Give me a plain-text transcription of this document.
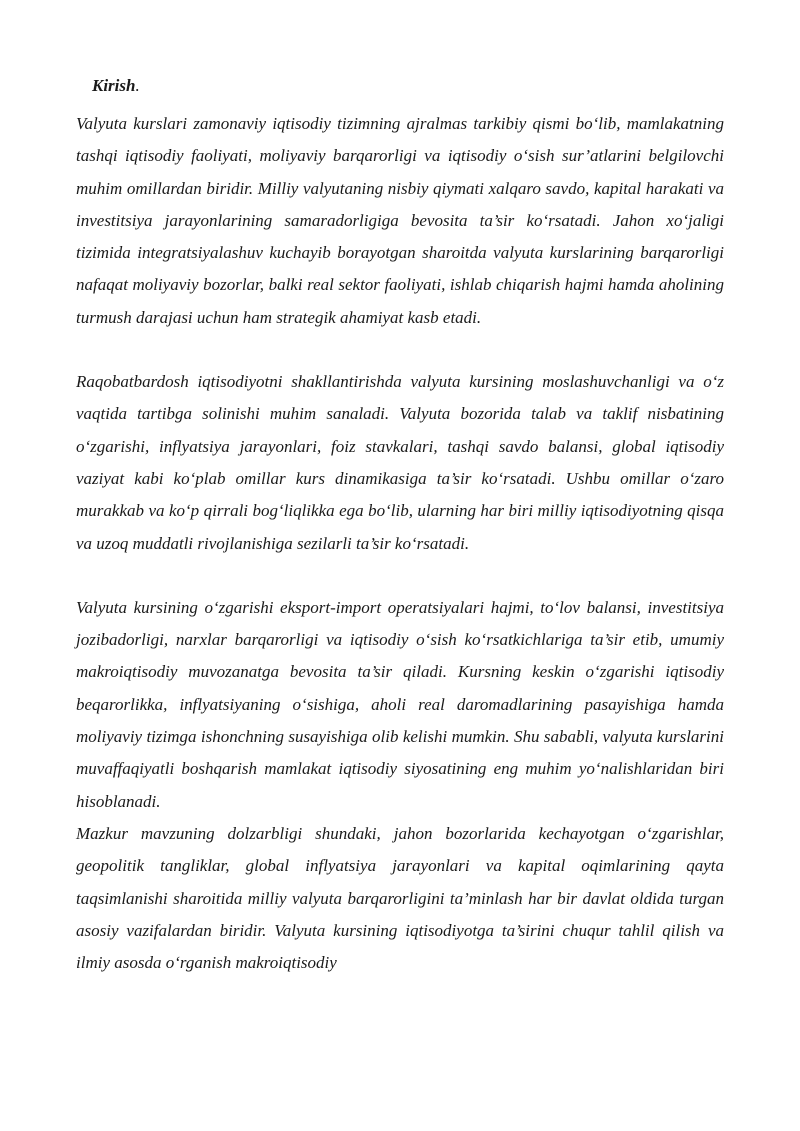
Kirish.

Valyuta kurslari zamonaviy iqtisodiy tizimning ajralmas tarkibiy qismi bo‘lib, mamlakatning tashqi iqtisodiy faoliyati, moliyaviy barqarorligi va iqtisodiy o‘sish sur’atlarini belgilovchi muhim omillardan biridir. Milliy valyutaning nisbiy qiymati xalqaro savdo, kapital harakati va investitsiya jarayonlarining samaradorligiga bevosita ta’sir ko‘rsatadi. Jahon xo‘jaligi tizimida integratsiyalashuv kuchayib borayotgan sharoitda valyuta kurslarining barqarorligi nafaqat moliyaviy bozorlar, balki real sektor faoliyati, ishlab chiqarish hajmi hamda aholining turmush darajasi uchun ham strategik ahamiyat kasb etadi.

Raqobatbardosh iqtisodiyotni shakllantirishda valyuta kursining moslashuvchanligi va o‘z vaqtida tartibga solinishi muhim sanaladi. Valyuta bozorida talab va taklif nisbatining o‘zgarishi, inflyatsiya jarayonlari, foiz stavkalari, tashqi savdo balansi, global iqtisodiy vaziyat kabi ko‘plab omillar kurs dinamikasiga ta’sir ko‘rsatadi. Ushbu omillar o‘zaro murakkab va ko‘p qirrali bog‘liqlikka ega bo‘lib, ularning har biri milliy iqtisodiyotning qisqa va uzoq muddatli rivojlanishiga sezilarli ta’sir ko‘rsatadi.

Valyuta kursining o‘zgarishi eksport-import operatsiyalari hajmi, to‘lov balansi, investitsiya jozibadorligi, narxlar barqarorligi va iqtisodiy o‘sish ko‘rsatkichlariga ta’sir etib, umumiy makroiqtisodiy muvozanatga bevosita ta’sir qiladi. Kursning keskin o‘zgarishi iqtisodiy beqarorlikka, inflyatsiyaning o‘sishiga, aholi real daromadlarining pasayishiga hamda moliyaviy tizimga ishonchning susayishiga olib kelishi mumkin. Shu sababli, valyuta kurslarini muvaffaqiyatli boshqarish mamlakat iqtisodiy siyosatining eng muhim yo‘nalishlaridan biri hisoblanadi.

Mazkur mavzuning dolzarbligi shundaki, jahon bozorlarida kechayotgan o‘zgarishlar, geopolitik tangliklar, global inflyatsiya jarayonlari va kapital oqimlarining qayta taqsimlanishi sharoitida milliy valyuta barqarorligini ta’minlash har bir davlat oldida turgan asosiy vazifalardan biridir. Valyuta kursining iqtisodiyotga ta’sirini chuqur tahlil qilish va ilmiy asosda o‘rganish makroiqtisodiy
